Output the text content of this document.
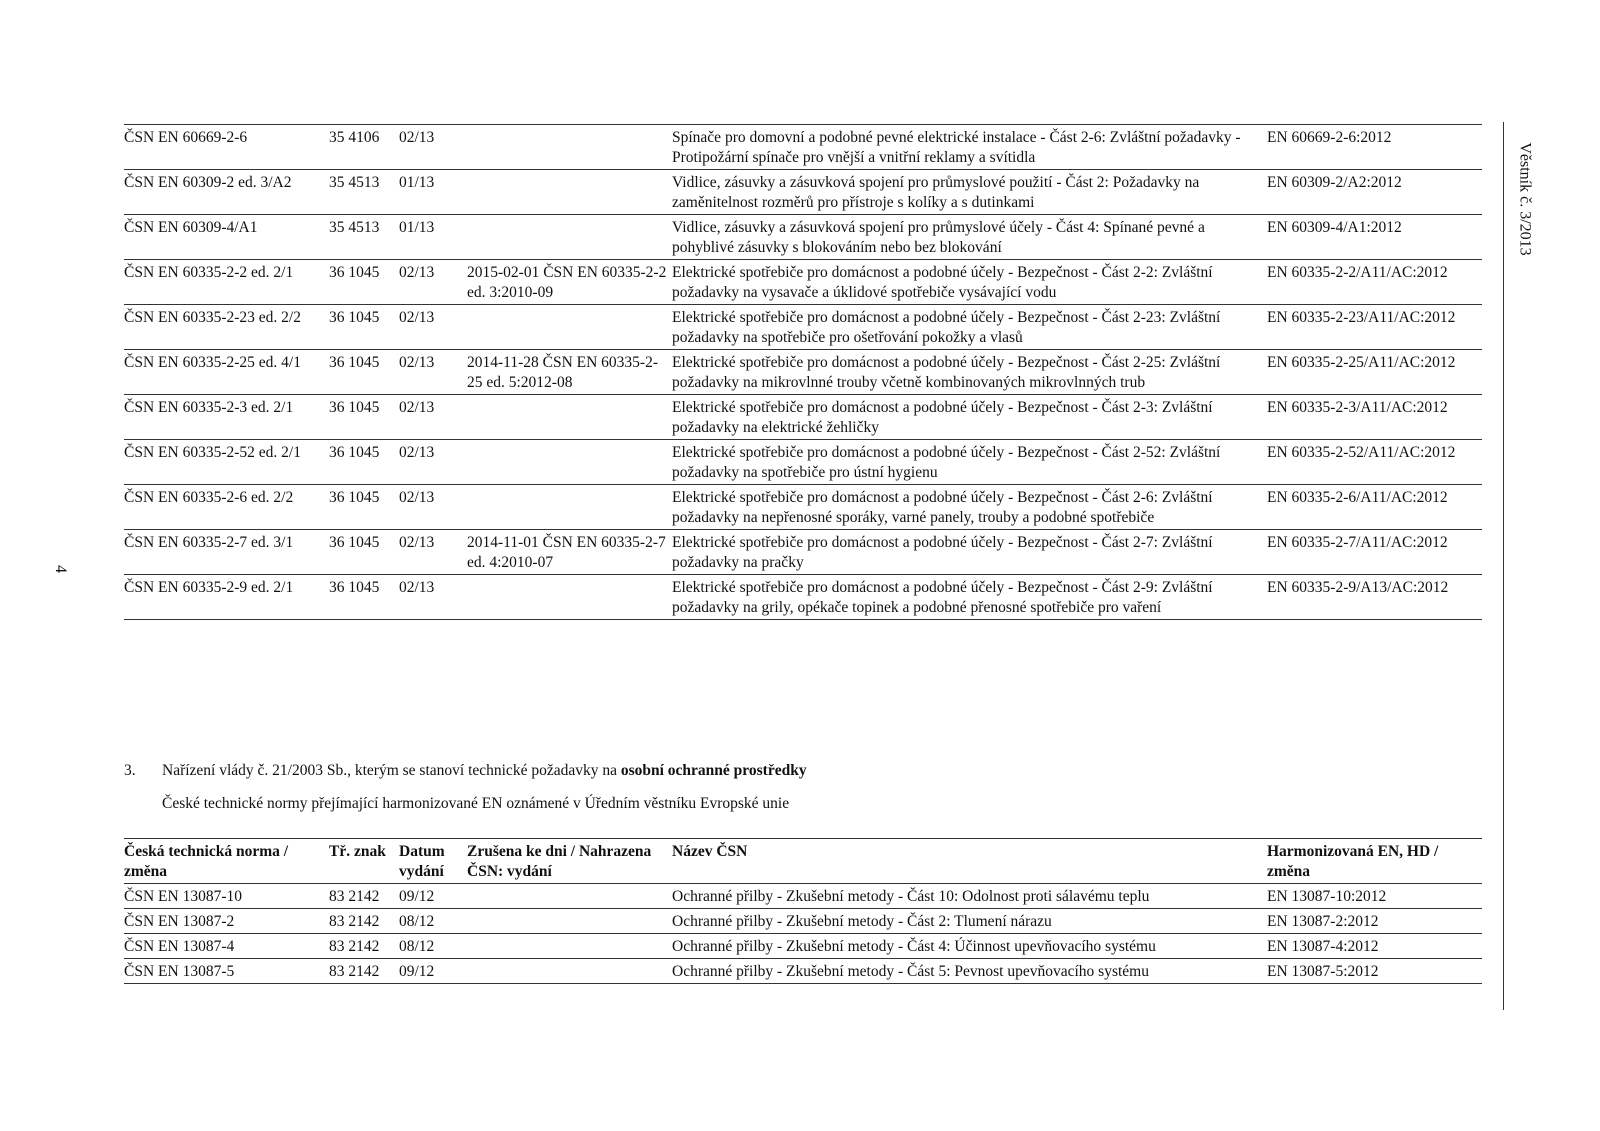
4
Věstník č. 3/2013
ČSN EN 60669-2-6	35 4106	02/13		Spínače pro domovní a podobné pevné elektrické instalace - Část 2-6: Zvláštní požadavky - Protipožární spínače pro vnější a vnitřní reklamy a svítidla	EN 60669-2-6:2012
ČSN EN 60309-2 ed. 3/A2	35 4513	01/13		Vidlice, zásuvky a zásuvková spojení pro průmyslové použití - Část 2: Požadavky na zaměnitelnost rozměrů pro přístroje s kolíky a s dutinkami	EN 60309-2/A2:2012
ČSN EN 60309-4/A1	35 4513	01/13		Vidlice, zásuvky a zásuvková spojení pro průmyslové účely - Část 4: Spínané pevné a pohyblivé zásuvky s blokováním nebo bez blokování	EN 60309-4/A1:2012
ČSN EN 60335-2-2 ed. 2/1	36 1045	02/13	2015-02-01 ČSN EN 60335-2-2 ed. 3:2010-09	Elektrické spotřebiče pro domácnost a podobné účely - Bezpečnost - Část 2-2: Zvláštní požadavky na vysavače a úklidové spotřebiče vysávající vodu	EN 60335-2-2/A11/AC:2012
ČSN EN 60335-2-23 ed. 2/2	36 1045	02/13		Elektrické spotřebiče pro domácnost a podobné účely - Bezpečnost - Část 2-23: Zvláštní požadavky na spotřebiče pro ošetřování pokožky a vlasů	EN 60335-2-23/A11/AC:2012
ČSN EN 60335-2-25 ed. 4/1	36 1045	02/13	2014-11-28 ČSN EN 60335-2-25 ed. 5:2012-08	Elektrické spotřebiče pro domácnost a podobné účely - Bezpečnost - Část 2-25: Zvláštní požadavky na mikrovlnné trouby včetně kombinovaných mikrovlnných trub	EN 60335-2-25/A11/AC:2012
ČSN EN 60335-2-3 ed. 2/1	36 1045	02/13		Elektrické spotřebiče pro domácnost a podobné účely - Bezpečnost - Část 2-3: Zvláštní požadavky na elektrické žehličky	EN 60335-2-3/A11/AC:2012
ČSN EN 60335-2-52 ed. 2/1	36 1045	02/13		Elektrické spotřebiče pro domácnost a podobné účely - Bezpečnost - Část 2-52: Zvláštní požadavky na spotřebiče pro ústní hygienu	EN 60335-2-52/A11/AC:2012
ČSN EN 60335-2-6 ed. 2/2	36 1045	02/13		Elektrické spotřebiče pro domácnost a podobné účely - Bezpečnost - Část 2-6: Zvláštní požadavky na nepřenosné sporáky, varné panely, trouby a podobné spotřebiče	EN 60335-2-6/A11/AC:2012
ČSN EN 60335-2-7 ed. 3/1	36 1045	02/13	2014-11-01 ČSN EN 60335-2-7 ed. 4:2010-07	Elektrické spotřebiče pro domácnost a podobné účely - Bezpečnost - Část 2-7: Zvláštní požadavky na pračky	EN 60335-2-7/A11/AC:2012
ČSN EN 60335-2-9 ed. 2/1	36 1045	02/13		Elektrické spotřebiče pro domácnost a podobné účely - Bezpečnost - Část 2-9: Zvláštní požadavky na grily, opékače topinek a podobné přenosné spotřebiče pro vaření	EN 60335-2-9/A13/AC:2012
3. Nařízení vlády č. 21/2003 Sb., kterým se stanoví technické požadavky na osobní ochranné prostředky
České technické normy přejímající harmonizované EN oznámené v Úředním věstníku Evropské unie
Česká technická norma / změna	Tř. znak	Datum vydání	Zrušena ke dni / Nahrazena ČSN: vydání	Název ČSN	Harmonizovaná EN, HD / změna
ČSN EN 13087-10	83 2142	09/12		Ochranné přilby - Zkušební metody - Část 10: Odolnost proti sálavému teplu	EN 13087-10:2012
ČSN EN 13087-2	83 2142	08/12		Ochranné přilby - Zkušební metody - Část 2: Tlumení nárazu	EN 13087-2:2012
ČSN EN 13087-4	83 2142	08/12		Ochranné přilby - Zkušební metody - Část 4: Účinnost upevňovacího systému	EN 13087-4:2012
ČSN EN 13087-5	83 2142	09/12		Ochranné přilby - Zkušební metody - Část 5: Pevnost upevňovacího systému	EN 13087-5:2012
